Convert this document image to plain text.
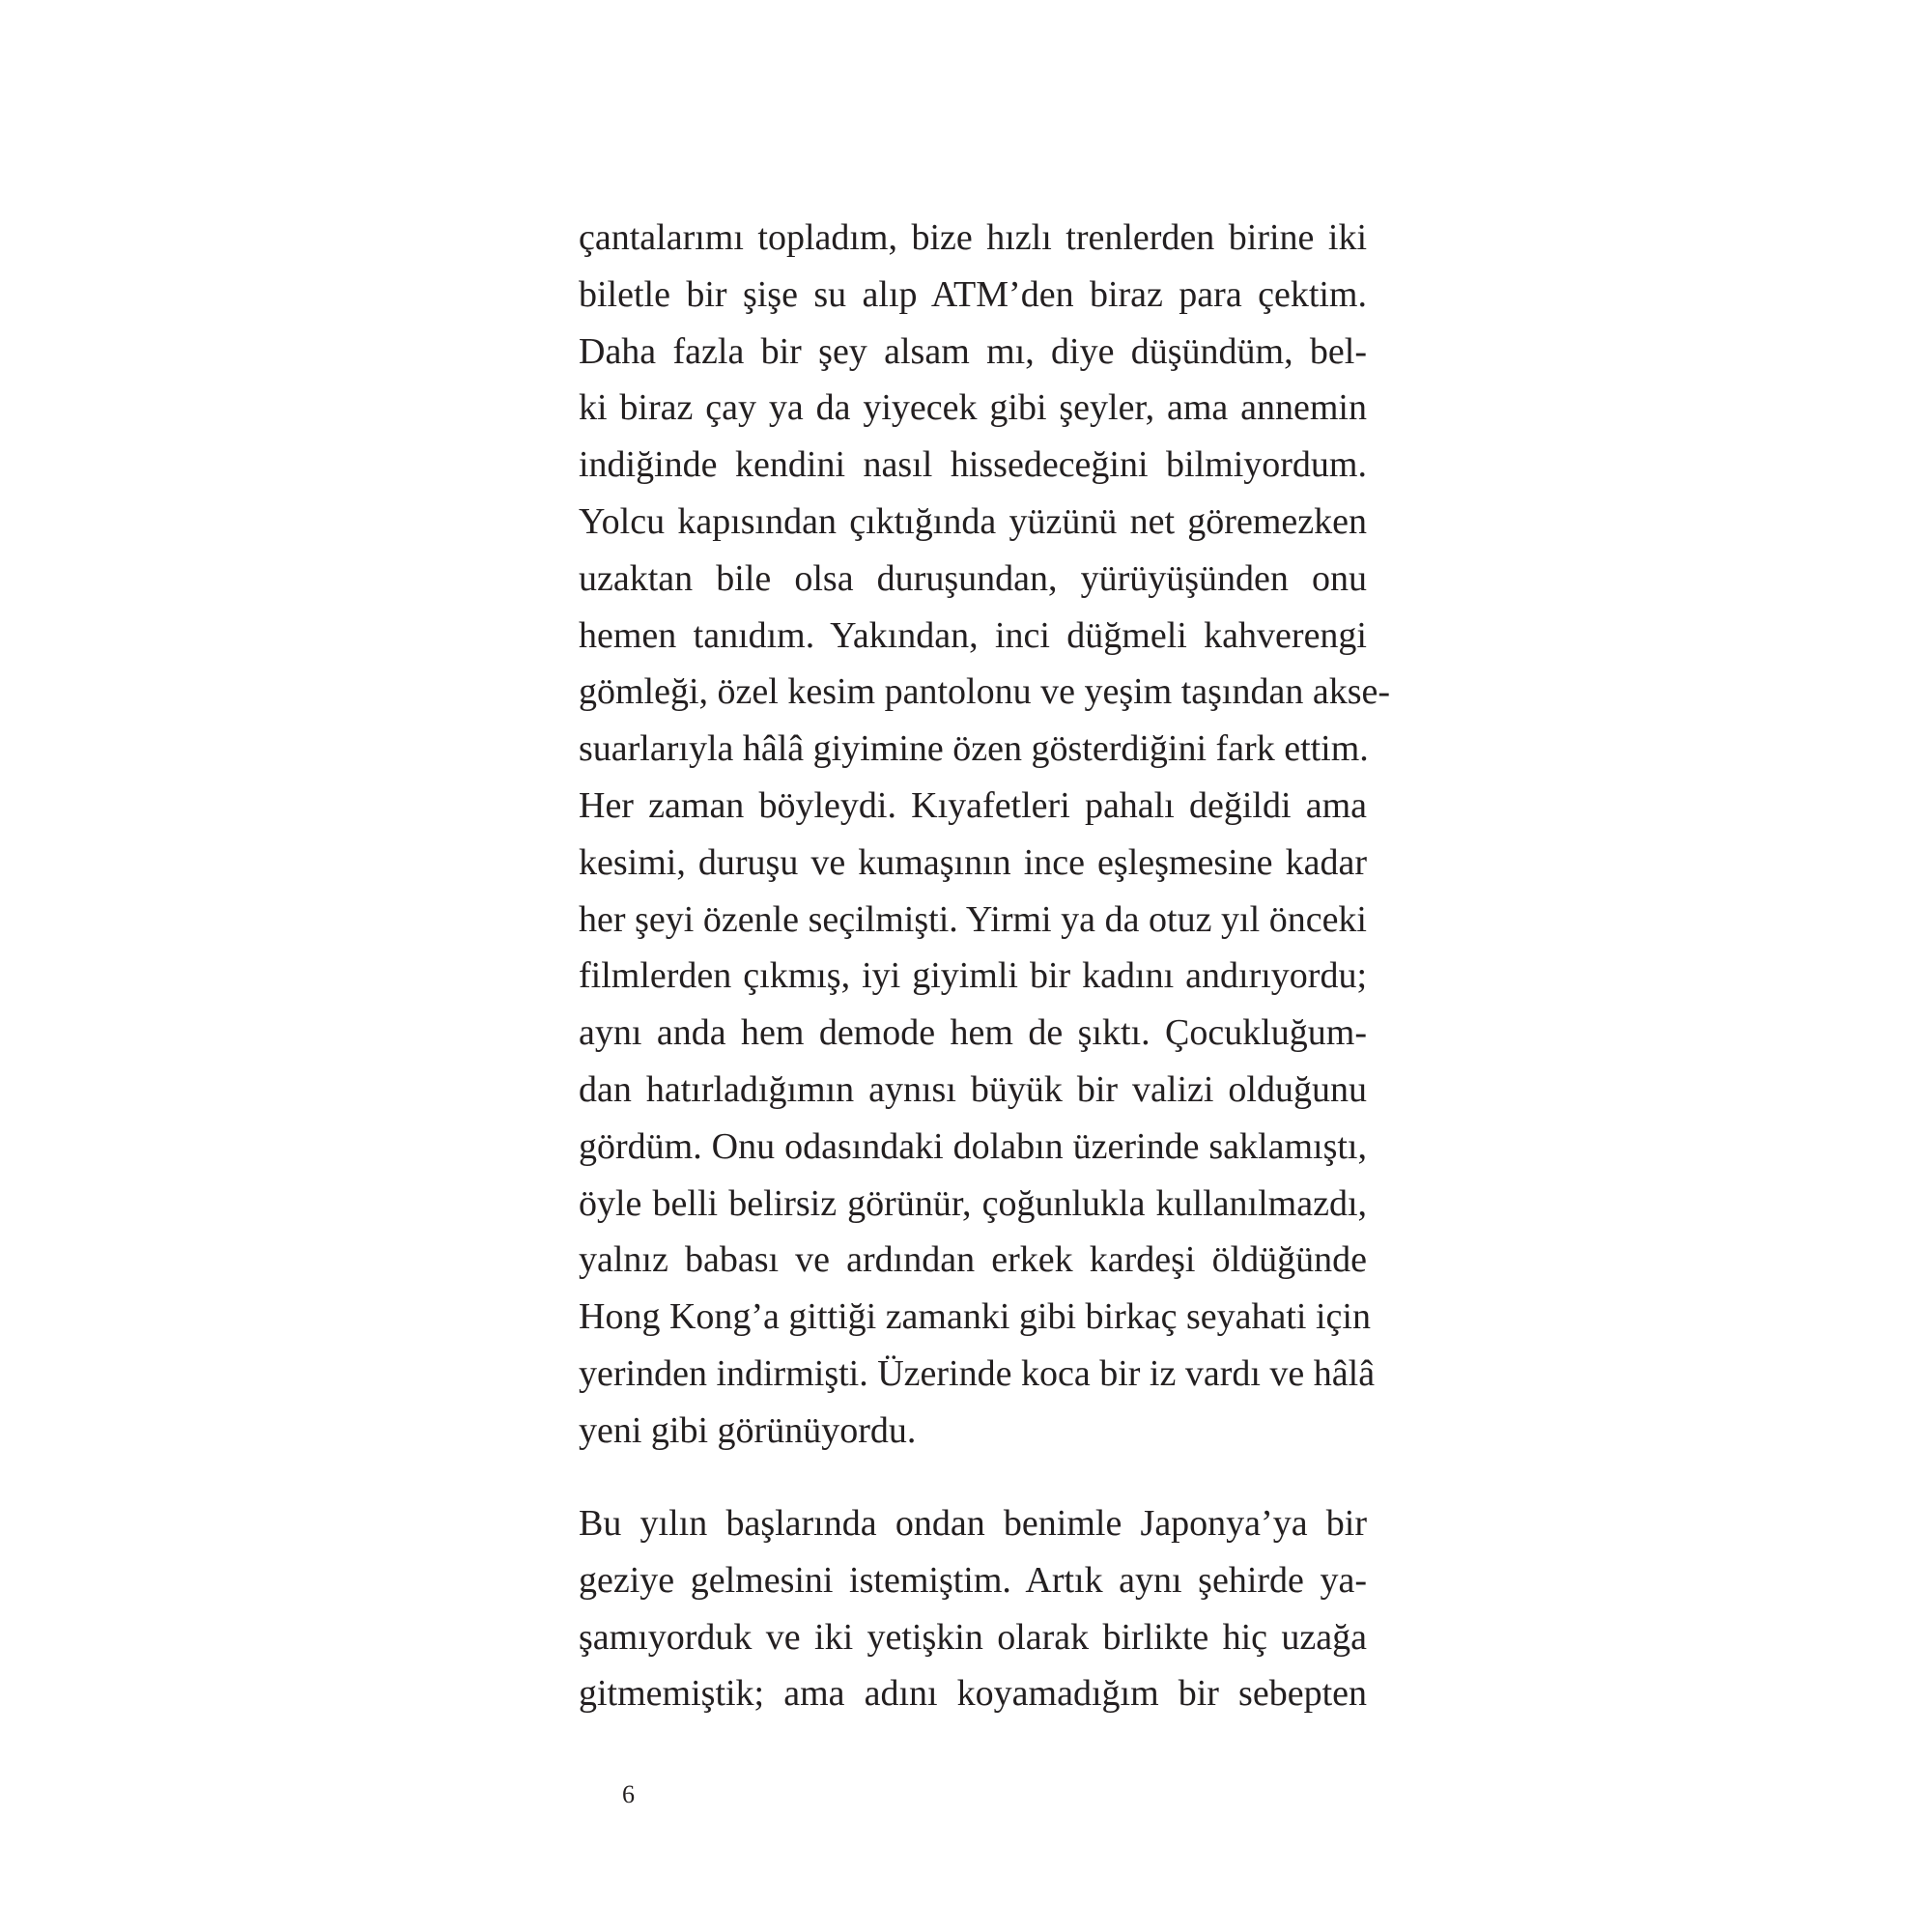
çantalarımı topladım, bize hızlı trenlerden birine iki
biletle bir şişe su alıp ATM’den biraz para çektim.
Daha fazla bir şey alsam mı, diye düşündüm, bel-
ki biraz çay ya da yiyecek gibi şeyler, ama annemin
indiğinde kendini nasıl hissedeceğini bilmiyordum.
Yolcu kapısından çıktığında yüzünü net göremezken
uzaktan bile olsa duruşundan, yürüyüşünden onu
hemen tanıdım. Yakından, inci düğmeli kahverengi
gömleği, özel kesim pantolonu ve yeşim taşından akse-
suarlarıyla hâlâ giyimine özen gösterdiğini fark ettim.
Her zaman böyleydi. Kıyafetleri pahalı değildi ama
kesimi, duruşu ve kumaşının ince eşleşmesine kadar
her şeyi özenle seçilmişti. Yirmi ya da otuz yıl önceki
filmlerden çıkmış, iyi giyimli bir kadını andırıyordu;
aynı anda hem demode hem de şıktı. Çocukluğum-
dan hatırladığımın aynısı büyük bir valizi olduğunu
gördüm. Onu odasındaki dolabın üzerinde saklamıştı,
öyle belli belirsiz görünür, çoğunlukla kullanılmazdı,
yalnız babası ve ardından erkek kardeşi öldüğünde
Hong Kong’a gittiği zamanki gibi birkaç seyahati için
yerinden indirmişti. Üzerinde koca bir iz vardı ve hâlâ
yeni gibi görünüyordu.
Bu yılın başlarında ondan benimle Japonya’ya bir
geziye gelmesini istemiştim. Artık aynı şehirde ya-
şamıyorduk ve iki yetişkin olarak birlikte hiç uzağa
gitmemiştik; ama adını koyamadığım bir sebepten
6
